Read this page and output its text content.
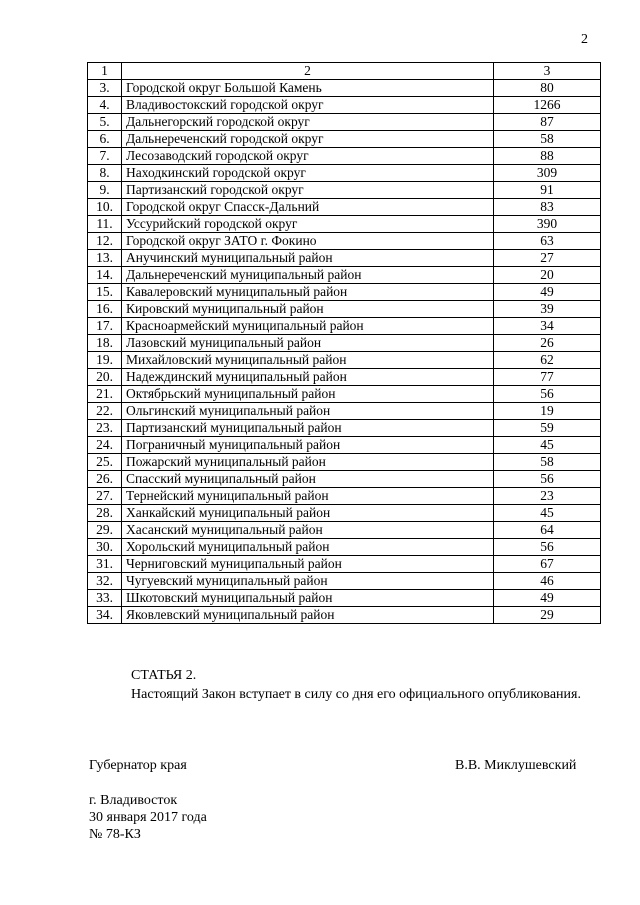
2
1	2	3
3.	Городской округ Большой Камень	80
4.	Владивостокский городской округ	1266
5.	Дальнегорский городской округ	87
6.	Дальнереченский городской округ	58
7.	Лесозаводский городской округ	88
8.	Находкинский городской округ	309
9.	Партизанский городской округ	91
10.	Городской округ Спасск-Дальний	83
11.	Уссурийский городской округ	390
12.	Городской округ ЗАТО г. Фокино	63
13.	Анучинский муниципальный район	27
14.	Дальнереченский муниципальный район	20
15.	Кавалеровский муниципальный район	49
16.	Кировский муниципальный район	39
17.	Красноармейский муниципальный район	34
18.	Лазовский муниципальный район	26
19.	Михайловский муниципальный район	62
20.	Надеждинский муниципальный район	77
21.	Октябрьский муниципальный район	56
22.	Ольгинский муниципальный район	19
23.	Партизанский муниципальный район	59
24.	Пограничный муниципальный район	45
25.	Пожарский муниципальный район	58
26.	Спасский муниципальный район	56
27.	Тернейский муниципальный район	23
28.	Ханкайский муниципальный район	45
29.	Хасанский муниципальный район	64
30.	Хорольский муниципальный район	56
31.	Черниговский муниципальный район	67
32.	Чугуевский муниципальный район	46
33.	Шкотовский муниципальный район	49
34.	Яковлевский муниципальный район	29
СТАТЬЯ 2.
Настоящий Закон вступает в силу со дня его официального опубликования.
Губернатор края	В.В. Миклушевский
г. Владивосток
30 января 2017 года
№ 78-КЗ
